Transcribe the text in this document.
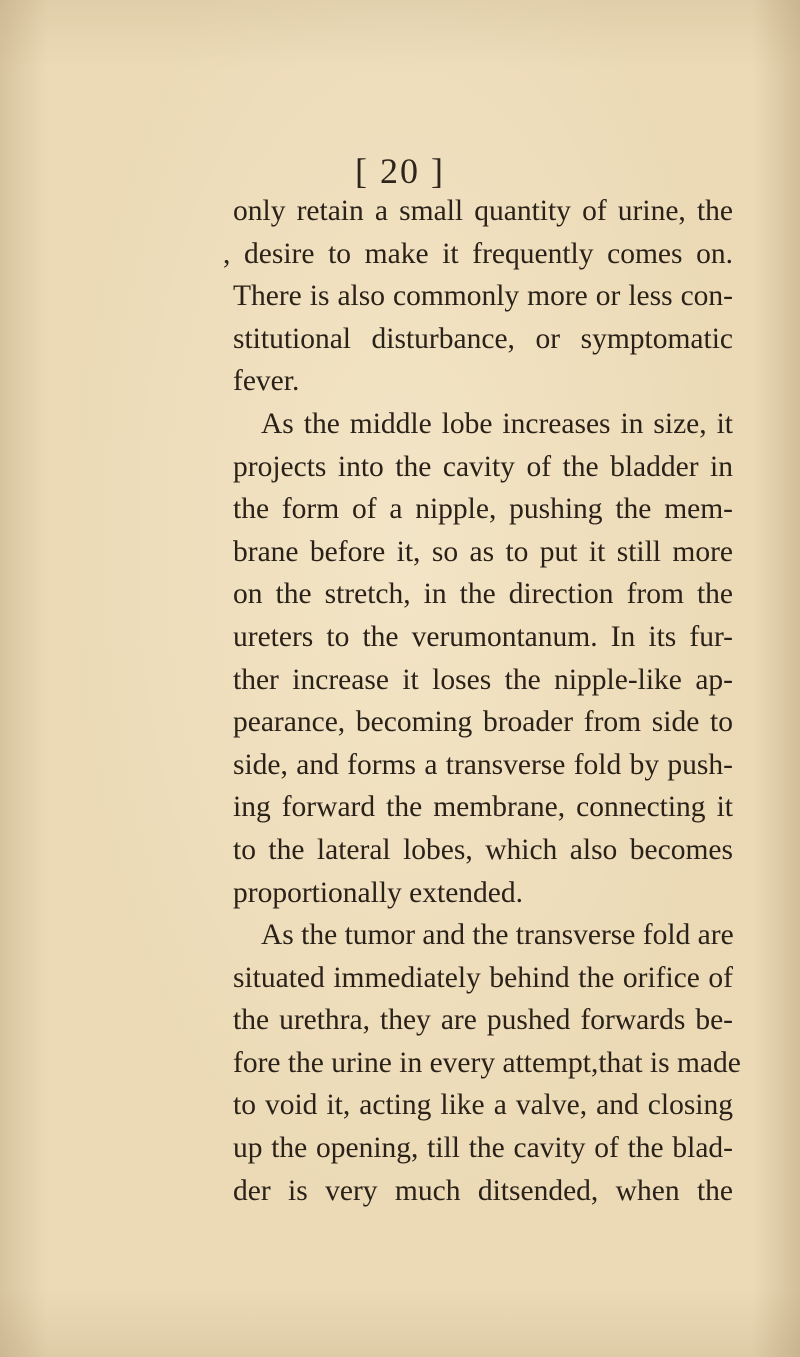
[ 20 ]
only retain a small quantity of urine, the
, desire to make it frequently comes on.
There is also commonly more or less con-
stitutional disturbance, or symptomatic
fever.
As the middle lobe increases in size, it
projects into the cavity of the bladder in
the form of a nipple, pushing the mem-
brane before it, so as to put it still more
on the stretch, in the direction from the
ureters to the verumontanum. In its fur-
ther increase it loses the nipple-like ap-
pearance, becoming broader from side to
side, and forms a transverse fold by push-
ing forward the membrane, connecting it
to the lateral lobes, which also becomes
proportionally extended.
As the tumor and the transverse fold are
situated immediately behind the orifice of
the urethra, they are pushed forwards be-
fore the urine in every attempt,that is made
to void it, acting like a valve, and closing
up the opening, till the cavity of the blad-
der is very much ditsended, when the
